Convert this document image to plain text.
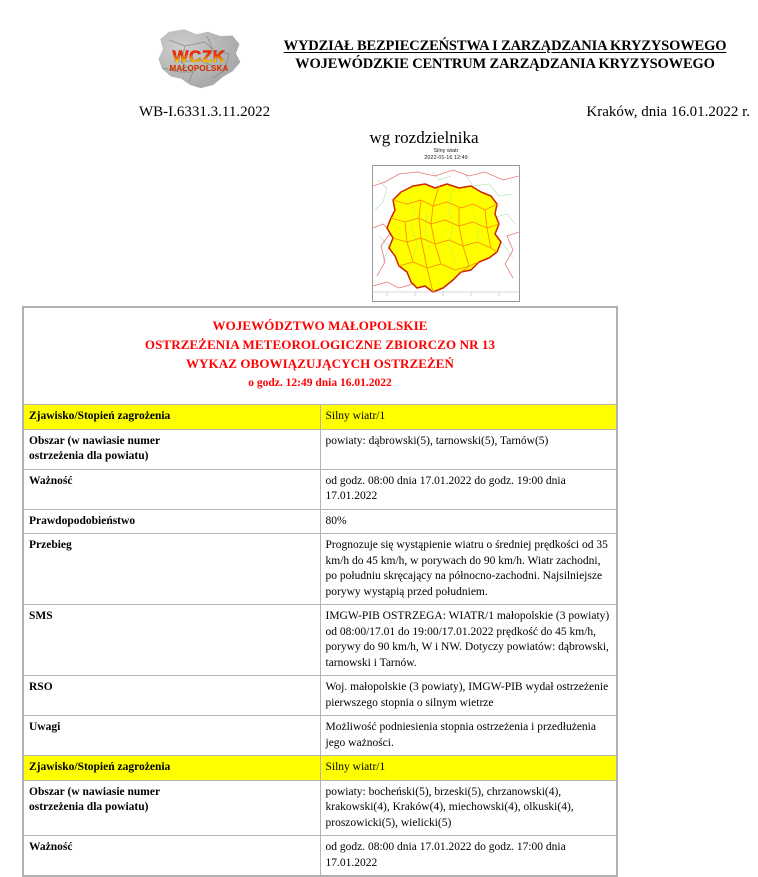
WCZK
MAŁOPOLSKA
WYDZIAŁ BEZPIECZEŃSTWA I ZARZĄDZANIA KRYZYSOWEGO
WOJEWÓDZKIE CENTRUM ZARZĄDZANIA KRYZYSOWEGO
WB-I.6331.3.11.2022	Kraków, dnia 16.01.2022 r.
wg rozdzielnika
Silny wiatr
2022-01-16 12:49
WOJEWÓDZTWO MAŁOPOLSKIE
OSTRZEŻENIA METEOROLOGICZNE ZBIORCZO NR 13
WYKAZ OBOWIĄZUJĄCYCH OSTRZEŻEŃ
o godz. 12:49 dnia 16.01.2022	

Zjawisko/Stopień zagrożenia	Silny wiatr/1

Obszar (w nawiasie numer
ostrzeżenia dla powiatu)	powiaty: dąbrowski(5), tarnowski(5), Tarnów(5)
Ważność	od godz. 08:00 dnia 17.01.2022 do godz. 19:00 dnia 17.01.2022
Prawdopodobieństwo	80%
Przebieg	Prognozuje się wystąpienie wiatru o średniej prędkości od 35 km/h do 45 km/h, w porywach do 90 km/h. Wiatr zachodni, po południu skręcający na północno-zachodni. Najsilniejsze porywy wystąpią przed południem.
SMS	IMGW-PIB OSTRZEGA: WIATR/1 małopolskie (3 powiaty) od 08:00/17.01 do 19:00/17.01.2022 prędkość do 45 km/h, porywy do 90 km/h, W i NW. Dotyczy powiatów: dąbrowski, tarnowski i Tarnów.
RSO	Woj. małopolskie (3 powiaty), IMGW-PIB wydał ostrzeżenie pierwszego stopnia o silnym wietrze
Uwagi	Możliwość podniesienia stopnia ostrzeżenia i przedłużenia jego ważności.
Zjawisko/Stopień zagrożenia	Silny wiatr/1

Obszar (w nawiasie numer
ostrzeżenia dla powiatu)	powiaty: bocheński(5), brzeski(5), chrzanowski(4), krakowski(4), Kraków(4), miechowski(4), olkuski(4), proszowicki(5), wielicki(5)
Ważność	od godz. 08:00 dnia 17.01.2022 do godz. 17:00 dnia 17.01.2022
